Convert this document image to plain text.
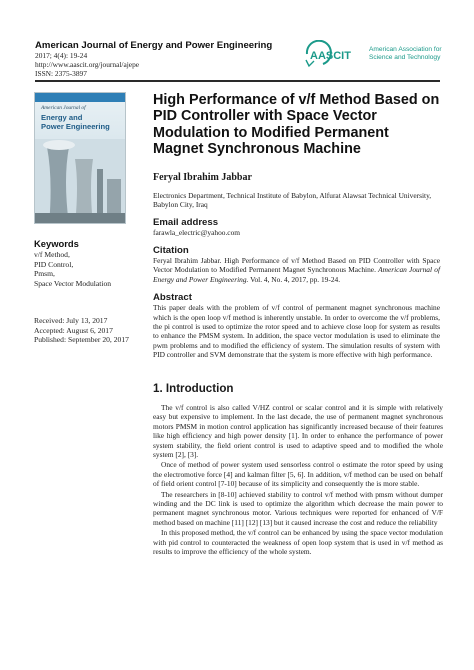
American Journal of Energy and Power Engineering
2017; 4(4): 19-24
http://www.aascit.org/journal/ajepe
ISSN: 2375-3897
AASCIT
American Association for
Science and Technology
American Journal of
Energy and
Power Engineering
Keywords
v/f Method,
PID Control,
Pmsm,
Space Vector Modulation
Received: July 13, 2017
Accepted: August 6, 2017
Published: September 20, 2017
High Performance of v/f Method Based on PID Controller with Space Vector Modulation to Modified Permanent Magnet Synchronous Machine
Feryal Ibrahim Jabbar
Electronics Department, Technical Institute of Babylon, Alfurat Alawsat Technical University, Babylon City, Iraq
Email address
farawla_electric@yahoo.com
Citation
Feryal Ibrahim Jabbar. High Performance of v/f Method Based on PID Controller with Space Vector Modulation to Modified Permanent Magnet Synchronous Machine. American Journal of Energy and Power Engineering. Vol. 4, No. 4, 2017, pp. 19-24.
Abstract
This paper deals with the problem of v/f control of permanent magnet synchronous machine which is the open loop v/f method is inherently unstable. In order to overcome the v/f problems, the pi control is used to optimize the rotor speed and to achieve close loop for system as results to enhance the PMSM system. In addition, the space vector modulation is used to eliminate the pwm problems and to modified the efficiency of system. The simulation results of system with PID controller and SVM demonstrate that the system is more effective with high performance.
1. Introduction

The v/f control is also called V/HZ control or scalar control and it is simple with relatively easy but expensive to implement. In the last decade, the use of permanent magnet synchronous motors PMSM in motion control application has significantly increased because of their features like high efficiency and high power density [1]. In order to enhance the performance of power system stability, the field orient control is used to adaptive speed and to modified the whole system [2], [3].

Once of method of power system used sensorless control o estimate the rotor speed by using the electromotive force [4] and kalman filter [5, 6]. In addition, v/f method can be used on behalf of field orient control [7-10] because of its simplicity and consequently the is more stable.

The researchers in [8-10] achieved stability to control v/f method with pmsm without dumper winding and the DC link is used to optimize the algorithm which decrease the main power to permanent magnet synchronous motor. Various techniques were reported for enhanced of V/F method based on machine [11] [12] [13] but it caused increase the cost and reduce the reliability

In this proposed method, the v/f control can be enhanced by using the space vector modulation with pid control to counteracted the weakness of open loop system that is used in v/f method as results to improve the efficiency of the whole system.
